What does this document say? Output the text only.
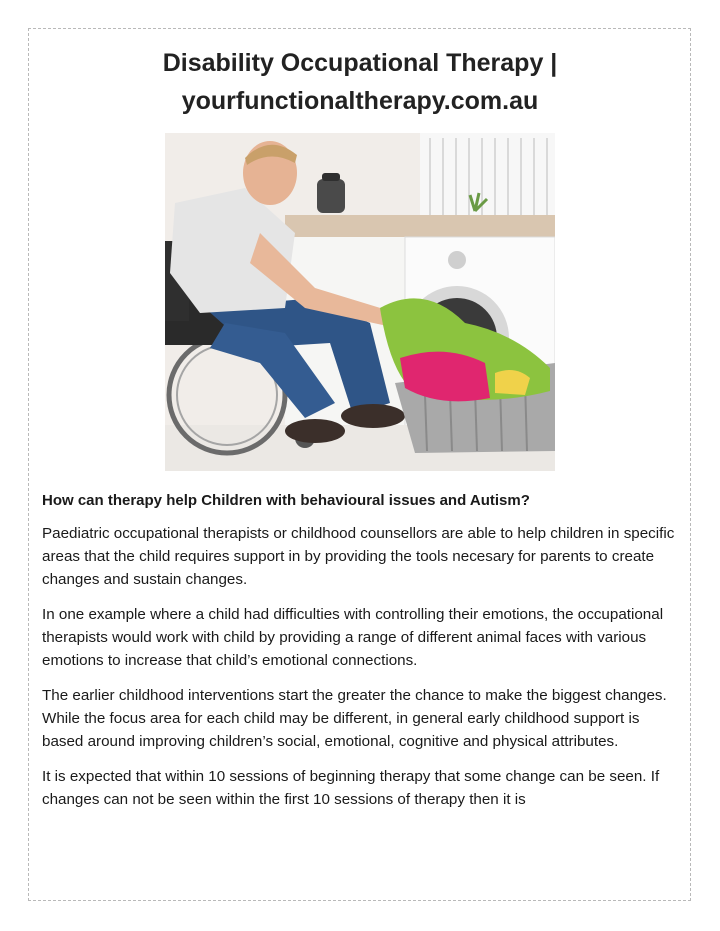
Disability Occupational Therapy |
yourfunctionaltherapy.com.au

How can therapy help Children with behavioural issues and Autism?

Paediatric occupational therapists or childhood counsellors are able to help children in specific areas that the child requires support in by providing the tools necesary for parents to create changes and sustain changes.

In one example where a child had difficulties with controlling their emotions, the occupational therapists would work with child by providing a range of different animal faces with various emotions to increase that child’s emotional connections.

The earlier childhood interventions start the greater the chance to make the biggest changes. While the focus area for each child may be different, in general early childhood support is based around improving children’s social, emotional, cognitive and physical attributes.

It is expected that within 10 sessions of beginning therapy that some change can be seen. If changes can not be seen within the first 10 sessions of therapy then it is
